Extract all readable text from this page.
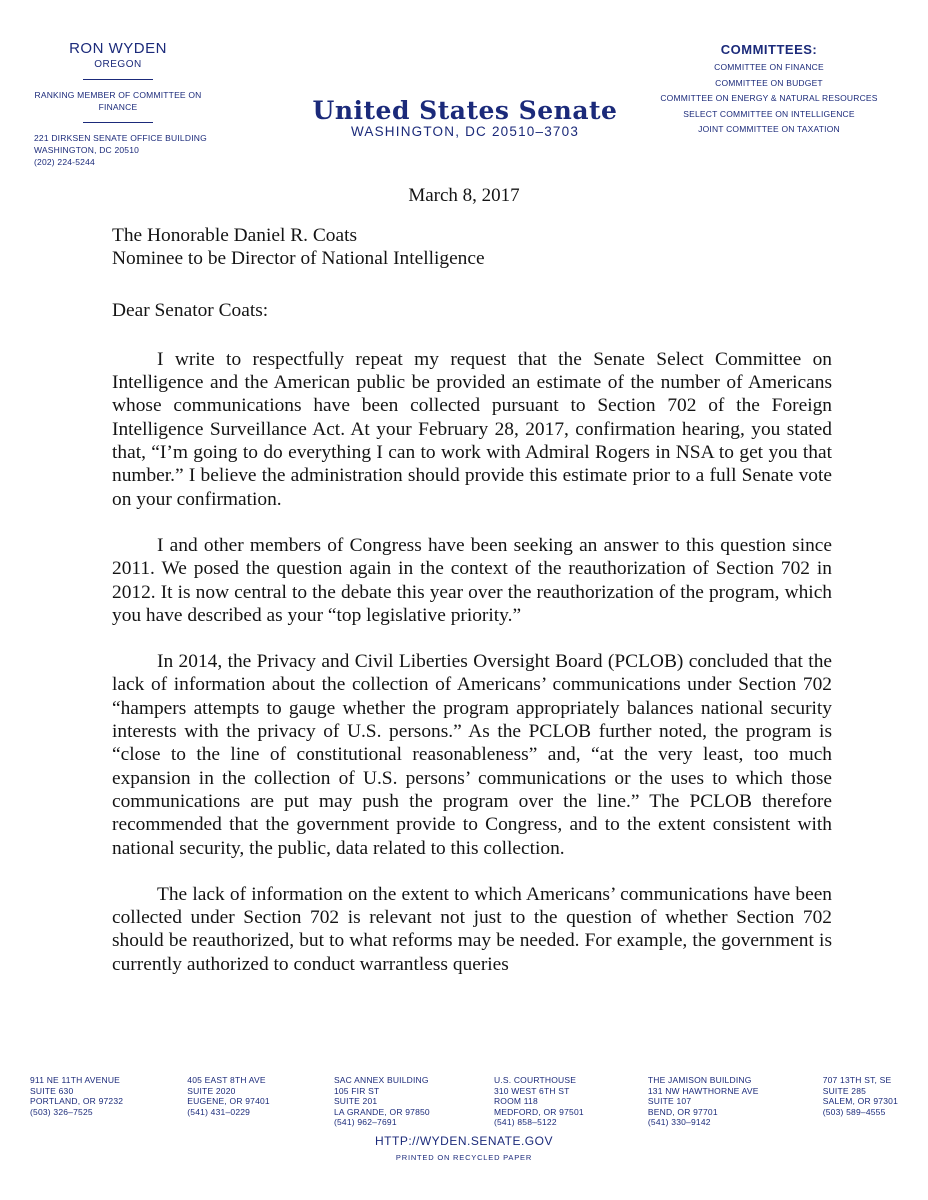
RON WYDEN
OREGON
RANKING MEMBER OF COMMITTEE ON
FINANCE
221 DIRKSEN SENATE OFFICE BUILDING
WASHINGTON, DC 20510
(202) 224-5244
United States Senate
WASHINGTON, DC 20510–3703
COMMITTEES:
COMMITTEE ON FINANCE
COMMITTEE ON BUDGET
COMMITTEE ON ENERGY & NATURAL RESOURCES
SELECT COMMITTEE ON INTELLIGENCE
JOINT COMMITTEE ON TAXATION
March 8, 2017

The Honorable Daniel R. Coats

Nominee to be Director of National Intelligence

Dear Senator Coats:

I write to respectfully repeat my request that the Senate Select Committee on Intelligence and the American public be provided an estimate of the number of Americans whose communications have been collected pursuant to Section 702 of the Foreign Intelligence Surveillance Act. At your February 28, 2017, confirmation hearing, you stated that, “I’m going to do everything I can to work with Admiral Rogers in NSA to get you that number.” I believe the administration should provide this estimate prior to a full Senate vote on your confirmation.

I and other members of Congress have been seeking an answer to this question since 2011. We posed the question again in the context of the reauthorization of Section 702 in 2012. It is now central to the debate this year over the reauthorization of the program, which you have described as your “top legislative priority.”

In 2014, the Privacy and Civil Liberties Oversight Board (PCLOB) concluded that the lack of information about the collection of Americans’ communications under Section 702 “hampers attempts to gauge whether the program appropriately balances national security interests with the privacy of U.S. persons.” As the PCLOB further noted, the program is “close to the line of constitutional reasonableness” and, “at the very least, too much expansion in the collection of U.S. persons’ communications or the uses to which those communications are put may push the program over the line.” The PCLOB therefore recommended that the government provide to Congress, and to the extent consistent with national security, the public, data related to this collection.

The lack of information on the extent to which Americans’ communications have been collected under Section 702 is relevant not just to the question of whether Section 702 should be reauthorized, but to what reforms may be needed. For example, the government is currently authorized to conduct warrantless queries

911 NE 11TH AVENUE
SUITE 630
PORTLAND, OR 97232
(503) 326–7525
405 EAST 8TH AVE
SUITE 2020
EUGENE, OR 97401
(541) 431–0229
SAC ANNEX BUILDING
105 FIR ST
SUITE 201
LA GRANDE, OR 97850
(541) 962–7691
U.S. COURTHOUSE
310 WEST 6TH ST
ROOM 118
MEDFORD, OR 97501
(541) 858–5122
THE JAMISON BUILDING
131 NW HAWTHORNE AVE
SUITE 107
BEND, OR 97701
(541) 330–9142
707 13TH ST, SE
SUITE 285
SALEM, OR 97301
(503) 589–4555
HTTP://WYDEN.SENATE.GOV
PRINTED ON RECYCLED PAPER
